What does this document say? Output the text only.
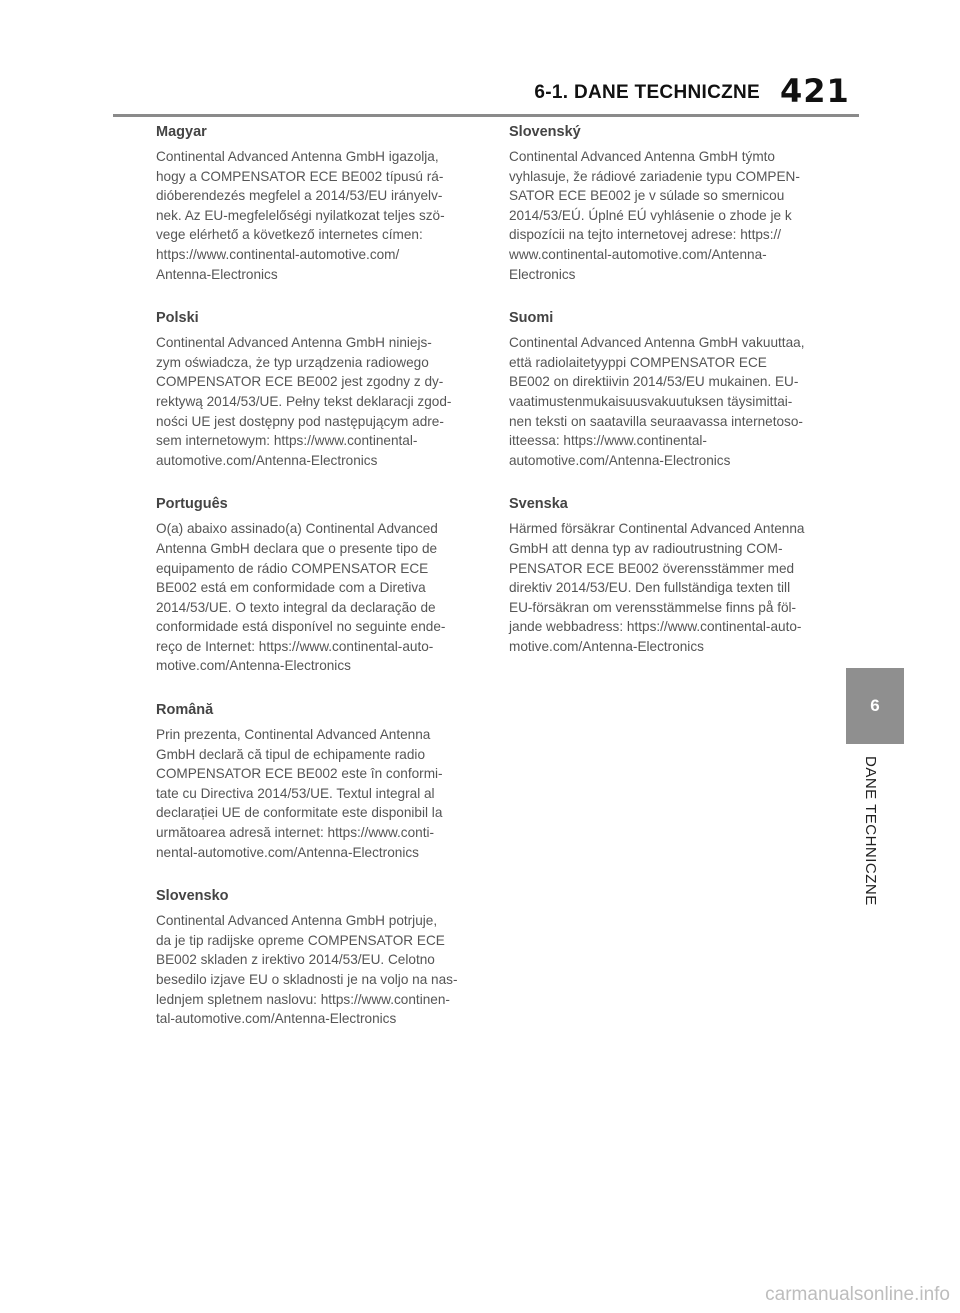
6-1. DANE TECHNICZNE 421

Magyar

Continental Advanced Antenna GmbH igazolja,
hogy a COMPENSATOR ECE BE002 típusú rá-
dióberendezés megfelel a 2014/53/EU irányelv-
nek. Az EU-megfelelőségi nyilatkozat teljes szö-
vege elérhető a következő internetes címen:
https://www.continental-automotive.com/
Antenna-Electronics

Polski

Continental Advanced Antenna GmbH niniejs-
zym oświadcza, że typ urządzenia radiowego
COMPENSATOR ECE BE002 jest zgodny z dy-
rektywą 2014/53/UE. Pełny tekst deklaracji zgod-
ności UE jest dostępny pod następującym adre-
sem internetowym: https://www.continental-
automotive.com/Antenna-Electronics

Português

O(a) abaixo assinado(a) Continental Advanced
Antenna GmbH declara que o presente tipo de
equipamento de rádio COMPENSATOR ECE
BE002 está em conformidade com a Diretiva
2014/53/UE. O texto integral da declaração de
conformidade está disponível no seguinte ende-
reço de Internet: https://www.continental-auto-
motive.com/Antenna-Electronics

Română

Prin prezenta, Continental Advanced Antenna
GmbH declară că tipul de echipamente radio
COMPENSATOR ECE BE002 este în conformi-
tate cu Directiva 2014/53/UE. Textul integral al
declarației UE de conformitate este disponibil la
următoarea adresă internet: https://www.conti-
nental-automotive.com/Antenna-Electronics

Slovensko

Continental Advanced Antenna GmbH potrjuje,
da je tip radijske opreme COMPENSATOR ECE
BE002 skladen z irektivo 2014/53/EU. Celotno
besedilo izjave EU o skladnosti je na voljo na nas-
lednjem spletnem naslovu: https://www.continen-
tal-automotive.com/Antenna-Electronics

Slovenský

Continental Advanced Antenna GmbH týmto
vyhlasuje, že rádiové zariadenie typu COMPEN-
SATOR ECE BE002 je v súlade so smernicou
2014/53/EÚ. Úplné EÚ vyhlásenie o zhode je k
dispozícii na tejto internetovej adrese: https://
www.continental-automotive.com/Antenna-
Electronics

Suomi

Continental Advanced Antenna GmbH vakuuttaa,
että radiolaitetyyppi COMPENSATOR ECE
BE002 on direktiivin 2014/53/EU mukainen. EU-
vaatimustenmukaisuusvakuutuksen täysimittai-
nen teksti on saatavilla seuraavassa internetoso-
itteessa: https://www.continental-
automotive.com/Antenna-Electronics

Svenska

Härmed försäkrar Continental Advanced Antenna
GmbH att denna typ av radioutrustning COM-
PENSATOR ECE BE002 överensstämmer med
direktiv 2014/53/EU. Den fullständiga texten till
EU-försäkran om verensstämmelse finns på föl-
jande webbadress: https://www.continental-auto-
motive.com/Antenna-Electronics

6
DANE TECHNICZNE
carmanualsonline.info
